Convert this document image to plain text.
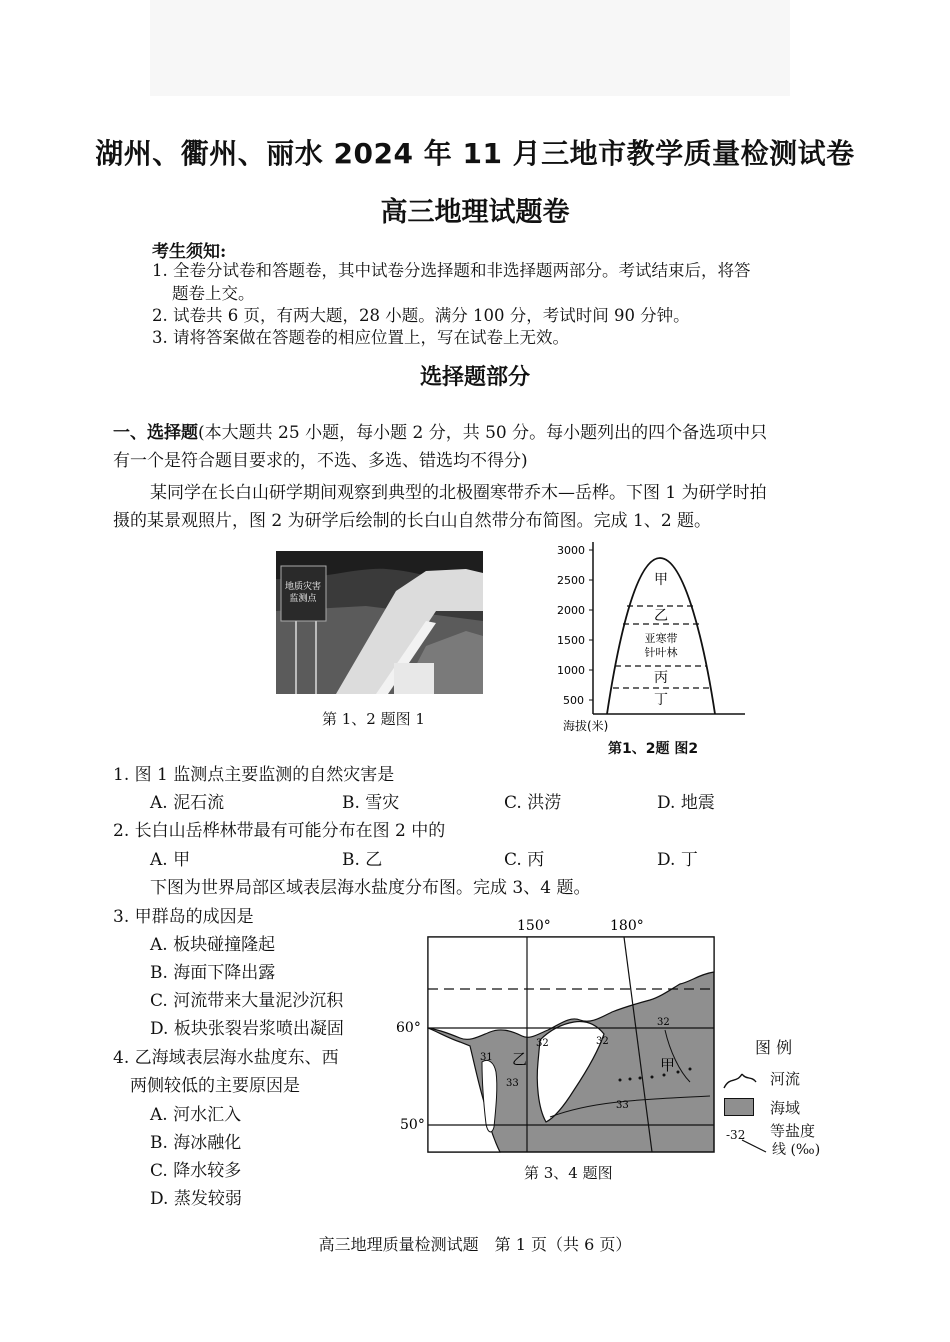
湖州、衢州、丽水 2024 年 11 月三地市教学质量检测试卷
高三地理试题卷
考生须知:
1. 全卷分试卷和答题卷，其中试卷分选择题和非选择题两部分。考试结束后，将答
题卷上交。
2. 试卷共 6 页，有两大题，28 小题。满分 100 分，考试时间 90 分钟。
3. 请将答案做在答题卷的相应位置上，写在试卷上无效。
选择题部分
一、选择题(本大题共 25 小题，每小题 2 分，共 50 分。每小题列出的四个备选项中只
有一个是符合题目要求的，不选、多选、错选均不得分)
某同学在长白山研学期间观察到典型的北极圈寒带乔木—岳桦。下图 1 为研学时拍
摄的某景观照片，图 2 为研学后绘制的长白山自然带分布简图。完成 1、2 题。
地质灾害
监测点
第 1、2 题图 1
3000
2500
2000
1500
1000
500
甲
乙
亚寒带
针叶林
丙
丁
海拔(米)
第1、2题 图2
1. 图 1 监测点主要监测的自然灾害是
A. 泥石流	B. 雪灾	C. 洪涝	D. 地震
2. 长白山岳桦林带最有可能分布在图 2 中的
A. 甲	B. 乙	C. 丙	D. 丁
下图为世界局部区域表层海水盐度分布图。完成 3、4 题。
3. 甲群岛的成因是
A. 板块碰撞隆起
B. 海面下降出露
C. 河流带来大量泥沙沉积
D. 板块张裂岩浆喷出凝固
4. 乙海域表层海水盐度东、西
两侧较低的主要原因是
A. 河水汇入
B. 海冰融化
C. 降水较多
D. 蒸发较弱
150°	180°
60°
50°
31
32
33
32
32
33
乙	甲
第 3、4 题图
图 例
河流
海域
-32 等盐度
线 (‰)
高三地理质量检测试题　第 1 页（共 6 页）
